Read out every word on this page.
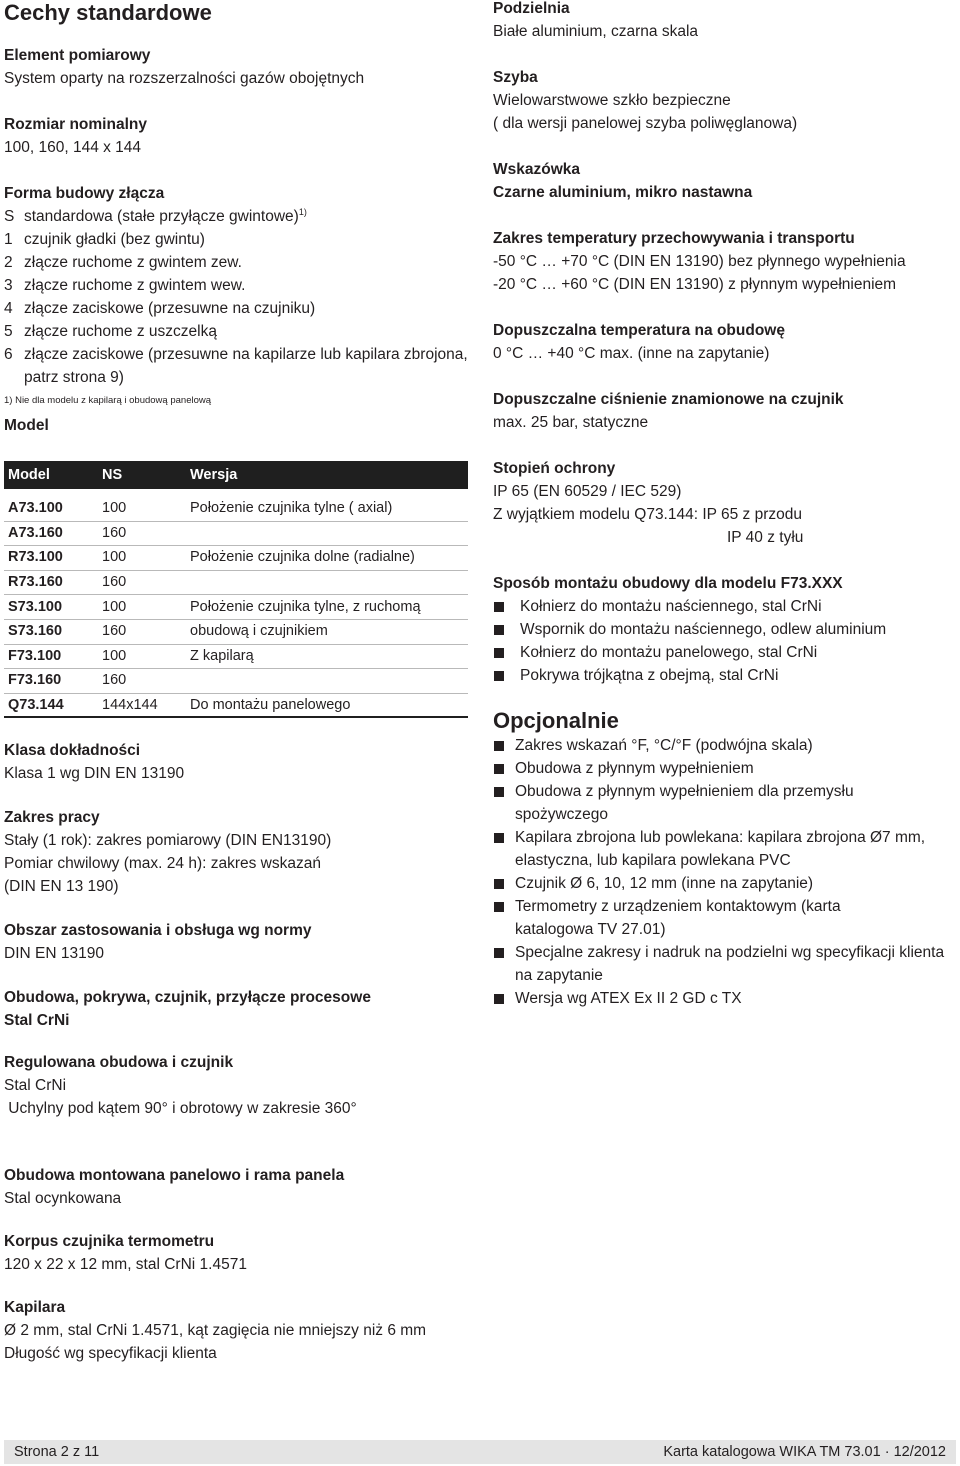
Cechy standardowe
Element pomiarowy
System oparty na rozszerzalności gazów obojętnych
Rozmiar nominalny
100, 160, 144 x 144
Forma budowy złącza
S standardowa (stałe przyłącze gwintowe)$^{1)}$
1 czujnik gładki (bez gwintu)
2 złącze ruchome z gwintem zew.
3 złącze ruchome z gwintem wew.
4 złącze zaciskowe (przesuwne na czujniku)
5 złącze ruchome z uszczelką
6 złącze zaciskowe (przesuwne na kapilarze lub kapilara zbrojona, patrz strona 9)
1) Nie dla modelu z kapilarą i obudową panelową
Model
Model	NS	Wersja
A73.100	100	Położenie czujnika tylne ( axial)
A73.160	160
R73.100	100	Położenie czujnika dolne (radialne)
R73.160	160
S73.100	100	Położenie czujnika tylne, z ruchomą
S73.160	160	obudową i czujnikiem
F73.100	100	Z kapilarą
F73.160	160
Q73.144	144x144	Do montażu panelowego
Klasa dokładności
Klasa 1 wg DIN EN 13190
Zakres pracy
Stały (1 rok): zakres pomiarowy (DIN EN13190)
Pomiar chwilowy (max. 24 h): zakres wskazań
(DIN EN 13 190)
Obszar zastosowania i obsługa wg normy
DIN EN 13190
Obudowa, pokrywa, czujnik, przyłącze procesowe
Stal CrNi
Regulowana obudowa i czujnik
Stal CrNi
Uchylny pod kątem 90° i obrotowy w zakresie 360°
Obudowa montowana panelowo i rama panela
Stal ocynkowana
Korpus czujnika termometru
120 x 22 x 12 mm, stal CrNi 1.4571
Kapilara
Ø 2 mm, stal CrNi 1.4571, kąt zagięcia nie mniejszy niż 6 mm
Długość wg specyfikacji klienta
Podzielnia
Białe aluminium, czarna skala
Szyba
Wielowarstwowe szkło bezpieczne
( dla wersji panelowej szyba poliwęglanowa)
Wskazówka
Czarne aluminium, mikro nastawna
Zakres temperatury przechowywania i transportu
-50 °C … +70 °C (DIN EN 13190) bez płynnego wypełnienia
-20 °C … +60 °C (DIN EN 13190) z płynnym wypełnieniem
Dopuszczalna temperatura na obudowę
0 °C … +40 °C max. (inne na zapytanie)
Dopuszczalne ciśnienie znamionowe na czujnik
max. 25 bar, statyczne
Stopień ochrony
IP 65 (EN 60529 / IEC 529)
Z wyjątkiem modelu Q73.144: IP 65 z przodu
IP 40 z tyłu
Sposób montażu obudowy dla modelu F73.XXX
Kołnierz do montażu naściennego, stal CrNi
Wspornik do montażu naściennego, odlew aluminium
Kołnierz do montażu panelowego, stal CrNi
Pokrywa trójkątna z obejmą, stal CrNi
Opcjonalnie
Zakres wskazań °F, °C/°F (podwójna skala)
Obudowa z płynnym wypełnieniem
Obudowa z płynnym wypełnieniem dla przemysłu spożywczego
Kapilara zbrojona lub powlekana: kapilara zbrojona Ø7 mm, elastyczna, lub kapilara powlekana PVC
Czujnik Ø 6, 10, 12 mm (inne na zapytanie)
Termometry z urządzeniem kontaktowym (karta katalogowa TV 27.01)
Specjalne zakresy i nadruk na podzielni wg specyfikacji klienta na zapytanie
Wersja wg ATEX Ex II 2 GD c TX
Strona 2 z 11	Karta katalogowa WIKA TM 73.01 · 12/2012
